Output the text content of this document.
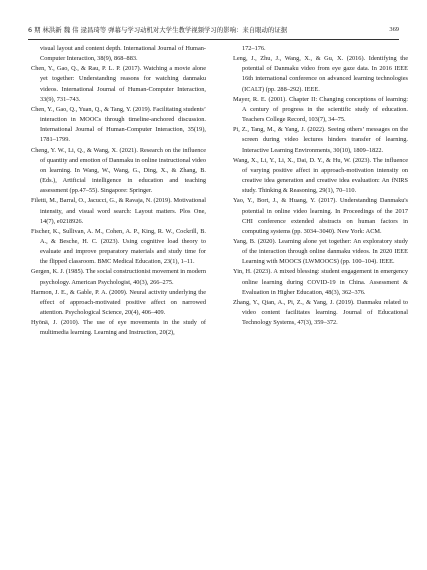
6 期 林洪新 魏 伟 逯昌琦等 弹幕与学习动机对大学生教学视频学习的影响：来自眼动的证据	369

visual layout and content depth. International Journal of Human-Computer Interaction, 38(9), 868–883.

Chen, Y., Gao, Q., & Rau, P. L. P. (2017). Watching a movie alone yet together: Understanding reasons for watching danmaku videos. International Journal of Human-Computer Interaction, 33(9), 731–743.

Chen, Y., Gao, Q., Yuan, Q., & Tang, Y. (2019). Facilitating students’ interaction in MOOCs through timeline-anchored discussion. International Journal of Human-Computer Interaction, 35(19), 1781–1799.

Cheng, Y. W., Li, Q., & Wang, X. (2021). Research on the influence of quantity and emotion of Danmaku in online instructional video on learning. In Wang, W., Wang, G., Ding, X., & Zhang, B. (Eds.), Artificial intelligence in education and teaching assessment (pp.47–55). Singapore: Springer.

Filetti, M., Barral, O., Jacucci, G., & Ravaja, N. (2019). Motivational intensity, and visual word search: Layout matters. Plos One, 14(7), e0218926.

Fischer, K., Sullivan, A. M., Cohen, A. P., King, R. W., Cockrill, B. A., & Besche, H. C. (2023). Using cognitive load theory to evaluate and improve preparatory materials and study time for the flipped classroom. BMC Medical Education, 23(1), 1–11.

Gergen, K. J. (1985). The social constructionist movement in modern psychology. American Psychologist, 40(3), 266–275.

Harmon, J. E., & Gable, P. A. (2009). Neural activity underlying the effect of approach-motivated positive affect on narrowed attention. Psychological Science, 20(4), 406–409.

Hyönä, J. (2010). The use of eye movements in the study of multimedia learning. Learning and Instruction, 20(2),

172–176.

Leng, J., Zhu, J., Wang, X., & Gu, X. (2016). Identifying the potential of Danmaku video from eye gaze data. In 2016 IEEE 16th international conference on advanced learning technologies (ICALT) (pp. 288–292). IEEE.

Mayer, R. E. (2001). Chapter II: Changing conceptions of learning: A century of progress in the scientific study of education. Teachers College Record, 103(7), 34–75.

Pi, Z., Tang, M., & Yang, J. (2022). Seeing others’ messages on the screen during video lectures hinders transfer of learning. Interactive Learning Environments, 30(10), 1809–1822.

Wang, X., Li, Y., Li, X., Dai, D. Y., & Hu, W. (2023). The influence of varying positive affect in approach-motivation intensity on creative idea generation and creative idea evaluation: An fNIRS study. Thinking & Reasoning, 29(1), 70–110.

Yao, Y., Bort, J., & Huang, Y. (2017). Understanding Danmaku's potential in online video learning. In Proceedings of the 2017 CHI conference extended abstracts on human factors in computing systems (pp. 3034–3040). New York: ACM.

Yang, B. (2020). Learning alone yet together: An exploratory study of the interaction through online danmaku videos. In 2020 IEEE Learning with MOOCS (LWMOOCS) (pp. 100–104). IEEE.

Yin, H. (2023). A mixed blessing: student engagement in emergency online learning during COVID-19 in China. Assessment & Evaluation in Higher Education, 48(3), 362–376.

Zhang, Y., Qian, A., Pi, Z., & Yang, J. (2019). Danmaku related to video content facilitates learning. Journal of Educational Technology Systems, 47(3), 359–372.
